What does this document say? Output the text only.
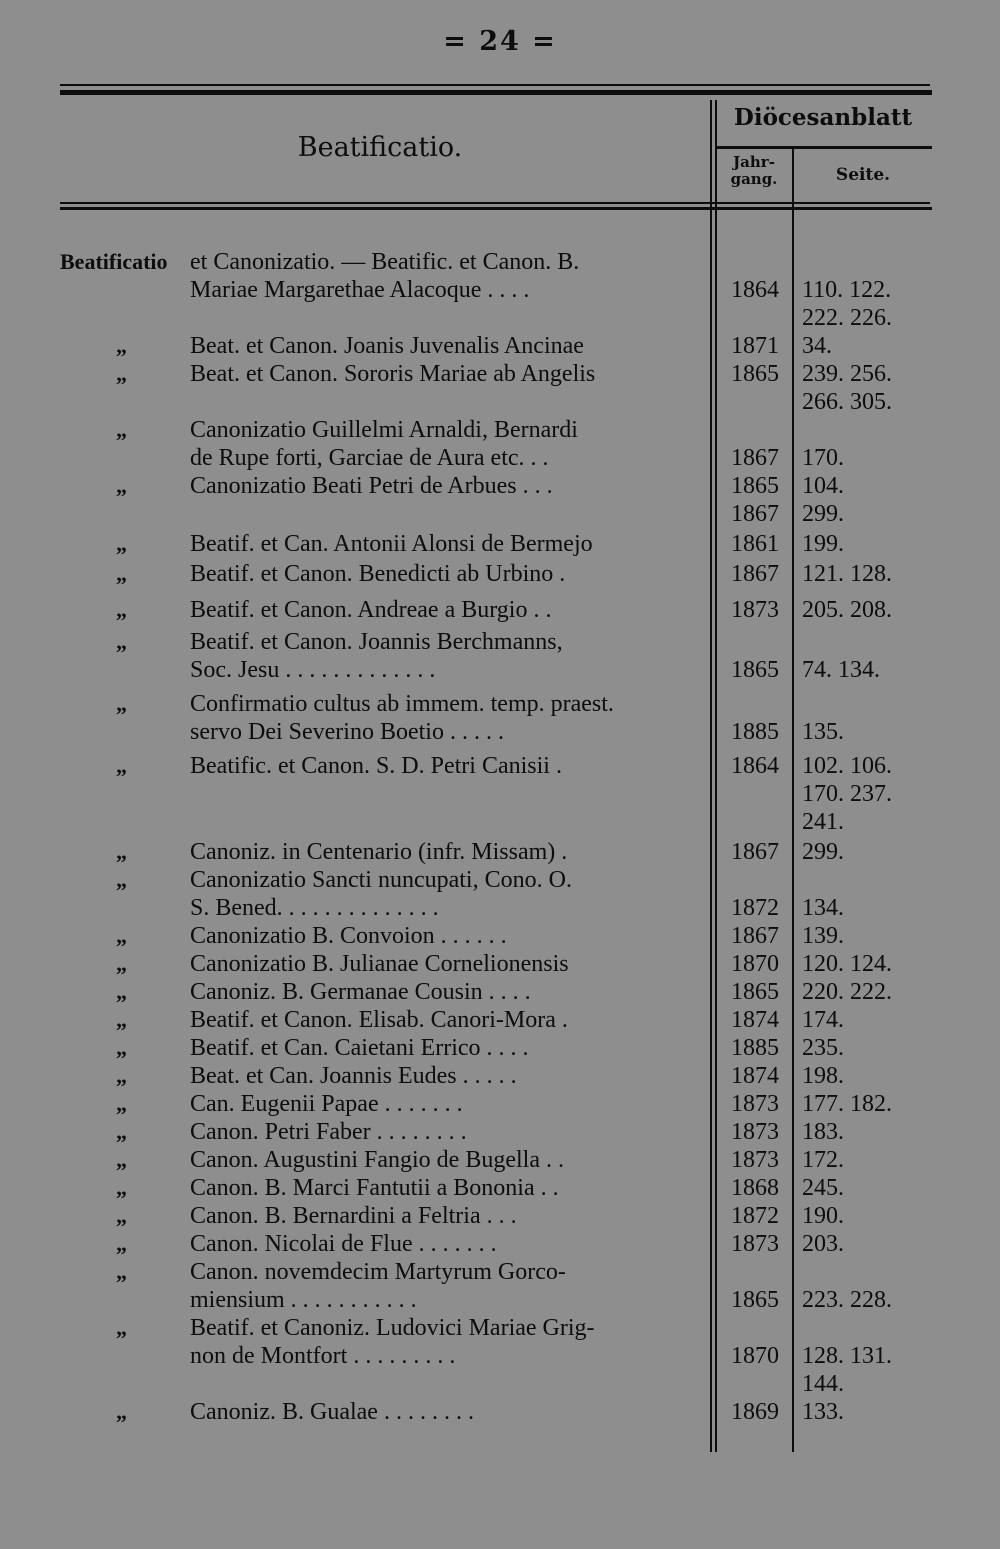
= 24 =
Beatificatio.
Diöcesanblatt
Jahr-
gang.	Seite.
Beatificatio et Canonizatio. — Beatific. et Canon. B.
Mariae Margarethae Alacoque . . . .	1864 110. 122.
222. 226.
„	Beat. et Canon. Joanis Juvenalis Ancinae	1871 34.
„	Beat. et Canon. Sororis Mariae ab Angelis	1865 239. 256.
266. 305.
„	Canonizatio Guillelmi Arnaldi, Bernardi
de Rupe forti, Garciae de Aura etc. . .	1867 170.
„	Canonizatio Beati Petri de Arbues . . .	1865 104.
1867 299.
„	Beatif. et Can. Antonii Alonsi de Bermejo	1861 199.
„	Beatif. et Canon. Benedicti ab Urbino .	1867 121. 128.
„	Beatif. et Canon. Andreae a Burgio . .	1873 205. 208.
„	Beatif. et Canon. Joannis Berchmanns,
Soc. Jesu . . . . . . . . . . . . .	1865 74. 134.
„	Confirmatio cultus ab immem. temp. praest.
servo Dei Severino Boetio . . . . .	1885 135.
„	Beatific. et Canon. S. D. Petri Canisii .	1864 102. 106.
170. 237.
241.
„	Canoniz. in Centenario (infr. Missam) .	1867 299.
„	Canonizatio Sancti nuncupati, Cono. O.
S. Bened. . . . . . . . . . . . . .	1872 134.
„	Canonizatio B. Convoion . . . . . .	1867 139.
„	Canonizatio B. Julianae Cornelionensis	1870 120. 124.
„	Canoniz. B. Germanae Cousin . . . .	1865 220. 222.
„	Beatif. et Canon. Elisab. Canori-Mora .	1874 174.
„	Beatif. et Can. Caietani Errico . . . .	1885 235.
„	Beat. et Can. Joannis Eudes . . . . .	1874 198.
„	Can. Eugenii Papae . . . . . . .	1873 177. 182.
„	Canon. Petri Faber . . . . . . . .	1873 183.
„	Canon. Augustini Fangio de Bugella . .	1873 172.
„	Canon. B. Marci Fantutii a Bononia . .	1868 245.
„	Canon. B. Bernardini a Feltria . . .	1872 190.
„	Canon. Nicolai de Flue . . . . . . .	1873 203.
„	Canon. novemdecim Martyrum Gorco-
miensium . . . . . . . . . . .	1865 223. 228.
„	Beatif. et Canoniz. Ludovici Mariae Grig-
non de Montfort . . . . . . . . .	1870 128. 131.
144.
„	Canoniz. B. Gualae . . . . . . . .	1869 133.
